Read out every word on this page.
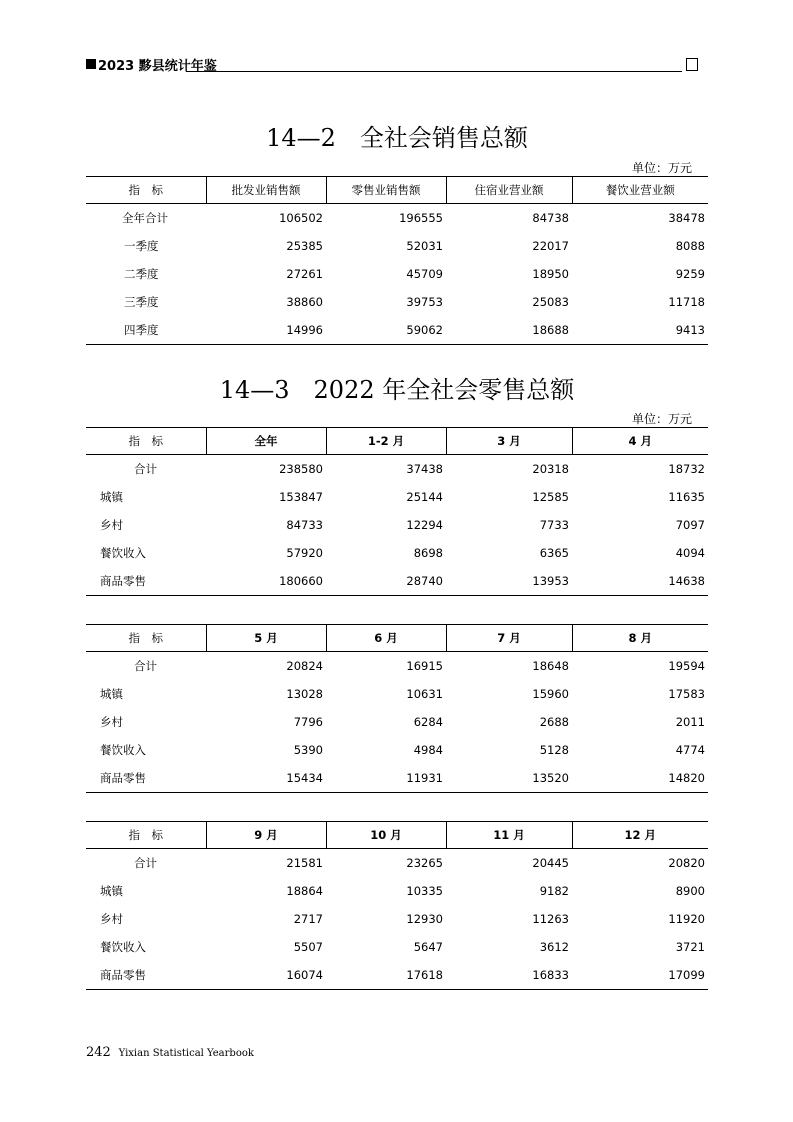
2023 黟县统计年鉴
14—2　全社会销售总额
单位：万元
指　标	批发业销售额	零售业销售额	住宿业营业额	餐饮业营业额
全年合计	106502	196555	84738	38478
一季度	25385	52031	22017	8088
二季度	27261	45709	18950	9259
三季度	38860	39753	25083	11718
四季度	14996	59062	18688	9413
14—3　2022 年全社会零售总额
单位：万元
指　标	全年	1-2 月	3 月	4 月
合计	238580	37438	20318	18732
城镇	153847	25144	12585	11635
乡村	84733	12294	7733	7097
餐饮收入	57920	8698	6365	4094
商品零售	180660	28740	13953	14638
指　标	5 月	6 月	7 月	8 月
合计	20824	16915	18648	19594
城镇	13028	10631	15960	17583
乡村	7796	6284	2688	2011
餐饮收入	5390	4984	5128	4774
商品零售	15434	11931	13520	14820
指　标	9 月	10 月	11 月	12 月
合计	21581	23265	20445	20820
城镇	18864	10335	9182	8900
乡村	2717	12930	11263	11920
餐饮收入	5507	5647	3612	3721
商品零售	16074	17618	16833	17099
242 Yixian Statistical Yearbook
